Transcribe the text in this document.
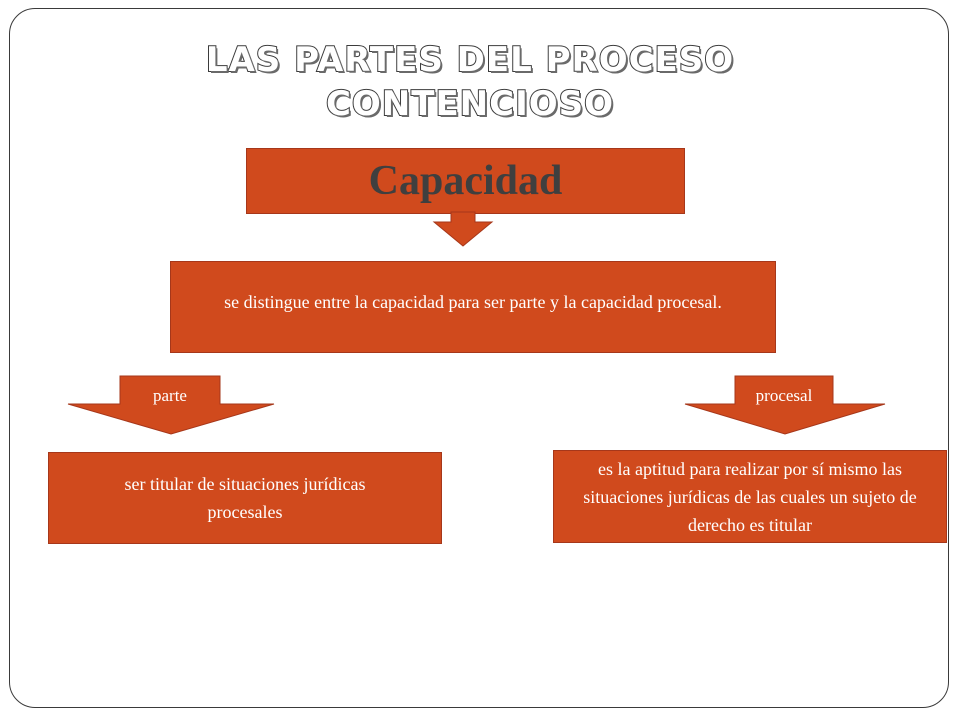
LAS PARTES DEL PROCESO CONTENCIOSO
Capacidad
se distingue entre la capacidad para ser parte y la capacidad procesal.
parte	procesal
ser titular de situaciones jurídicas procesales
es la aptitud para realizar por sí mismo las situaciones jurídicas de las cuales un sujeto de derecho es titular
